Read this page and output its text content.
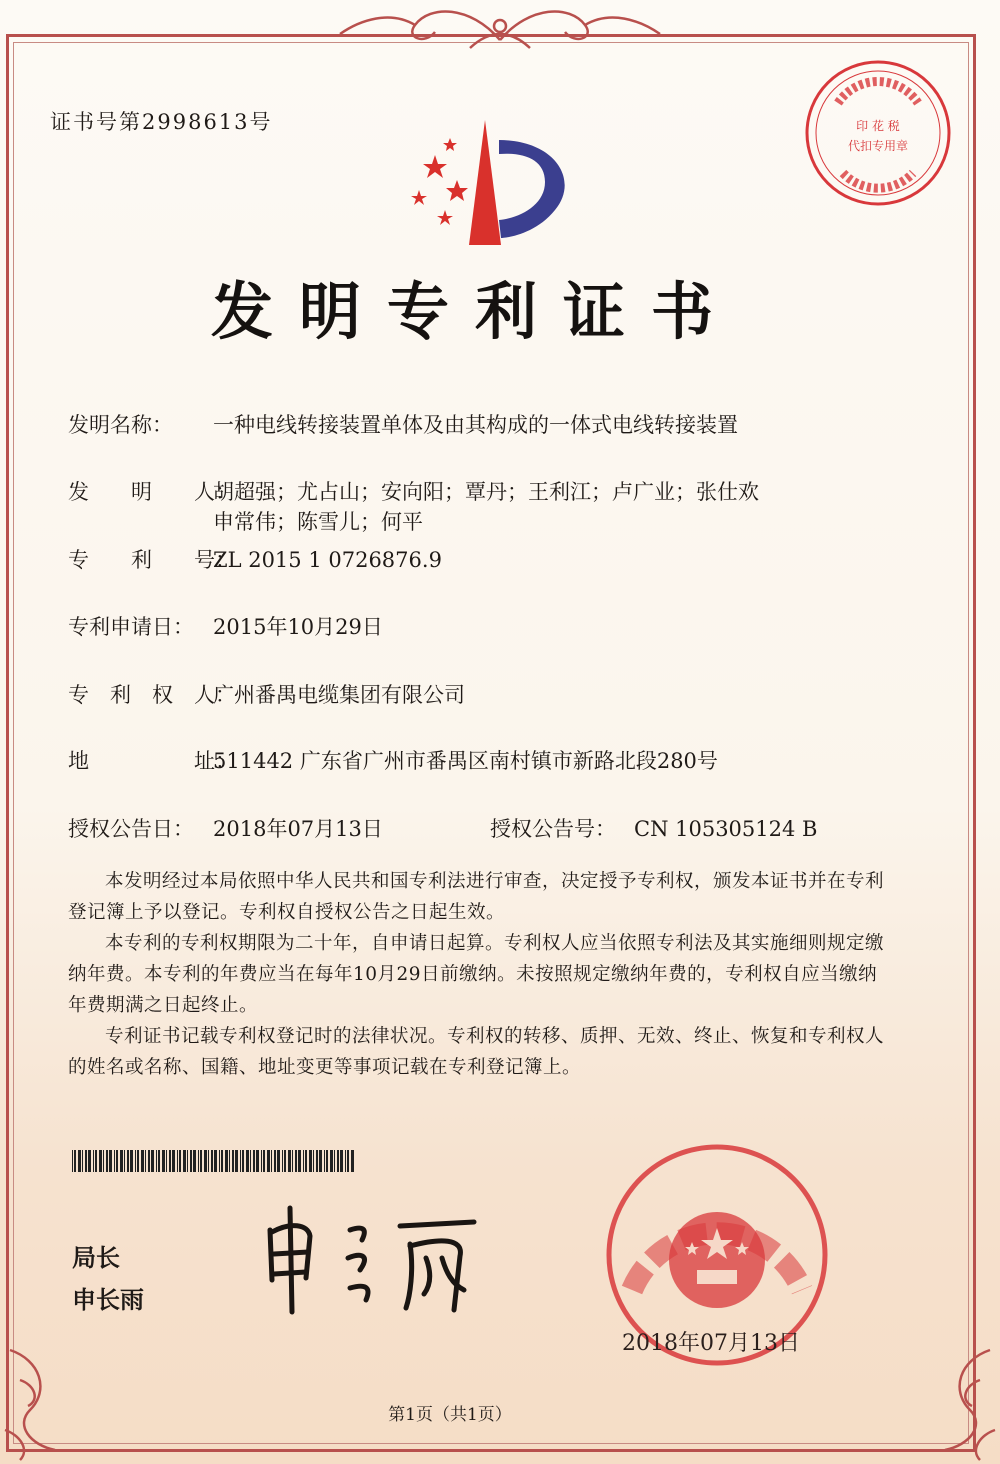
证书号第2998613号	印 花 税
代扣专用章
发明专利证书
发明名称： 一种电线转接装置单体及由其构成的一体式电线转接装置
发　　明　　人：
胡超强；尤占山；安向阳；覃丹；王利江；卢广业；张仕欢
申常伟；陈雪儿；何平
专　　利　　号：
ZL 2015 1 0726876.9
专利申请日： 2015年10月29日
专　利　权　人：
广州番禺电缆集团有限公司
地　　　　　址：
511442 广东省广州市番禺区南村镇市新路北段280号
授权公告日： 2018年07月13日	授权公告号： CN 105305124 B

本发明经过本局依照中华人民共和国专利法进行审查，决定授予专利权，颁发本证书并在专利登记簿上予以登记。专利权自授权公告之日起生效。

本专利的专利权期限为二十年，自申请日起算。专利权人应当依照专利法及其实施细则规定缴纳年费。本专利的年费应当在每年10月29日前缴纳。未按照规定缴纳年费的，专利权自应当缴纳年费期满之日起终止。

专利证书记载专利权登记时的法律状况。专利权的转移、质押、无效、终止、恢复和专利权人的姓名或名称、国籍、地址变更等事项记载在专利登记簿上。

局长
申长雨
2018年07月13日
第1页（共1页）
